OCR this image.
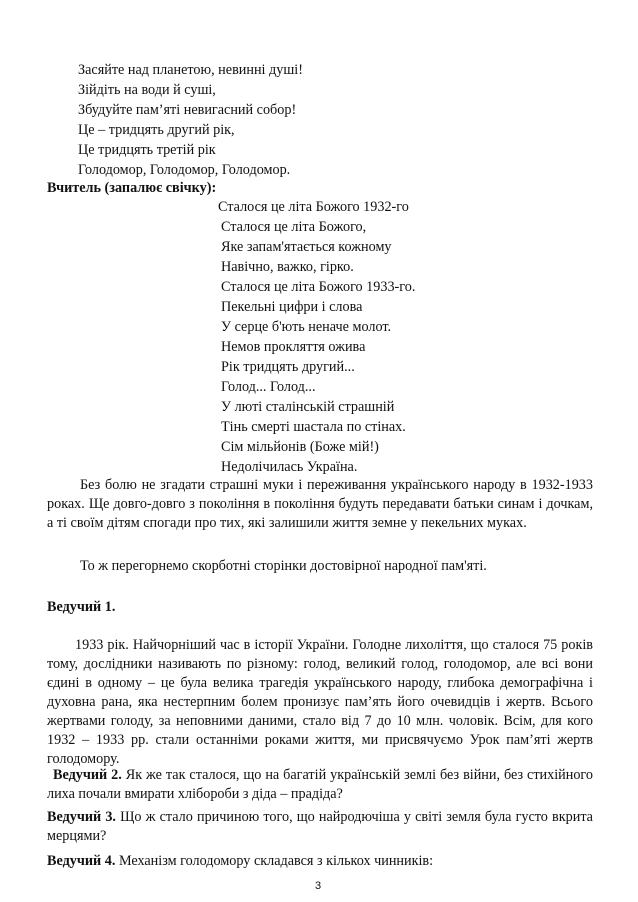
Засяйте над планетою, невинні душі!
Зійдіть на води й суші,
Збудуйте пам’яті невигасний собор!
Це – тридцять другий рік,
Це тридцять третій рік
Голодомор, Голодомор, Голодомор.
Вчитель (запалює свічку):
Сталося це літа Божого 1932-го
Сталося це літа Божого,
Яке запам'ятається кожному
Навічно, важко, гірко.
Сталося це літа Божого 1933-го.
Пекельні цифри і слова
У серце б'ють неначе молот.
Немов прокляття ожива
Рік тридцять другий...
Голод... Голод...
У люті сталінській страшній
Тінь смерті шастала по стінах.
Сім мільйонів (Боже мій!)
Недолічилась Україна.
Без болю не згадати страшні муки і переживання українського народу в 1932-1933 роках. Ще довго-довго з покоління в покоління будуть передавати батьки синам і дочкам, а ті своїм дітям спогади про тих, які залишили життя земне у пекельних муках.
То ж перегорнемо скорботні сторінки достовірної народної пам'яті.
Ведучий 1.
1933 рік. Найчорніший час в історії України. Голодне лихоліття, що сталося 75 років тому, дослідники називають по різному: голод, великий голод, голодомор, але всі вони єдині в одному – це була велика трагедія українського народу, глибока демографічна і духовна рана, яка нестерпним болем пронизує пам’ять його очевидців і жертв. Всього жертвами голоду, за неповними даними, стало від 7 до 10 млн. чоловік. Всім, для кого 1932 – 1933 рр. стали останніми роками життя, ми присвячуємо Урок пам’яті жертв голодомору.
Ведучий 2. Як же так сталося, що на багатій українській землі без війни, без стихійного лиха почали вмирати хлібороби з діда – прадіда?
Ведучий 3. Що ж стало причиною того, що найродючіша у світі земля була густо вкрита мерцями?
Ведучий 4. Механізм голодомору складався з кількох чинників:
3
